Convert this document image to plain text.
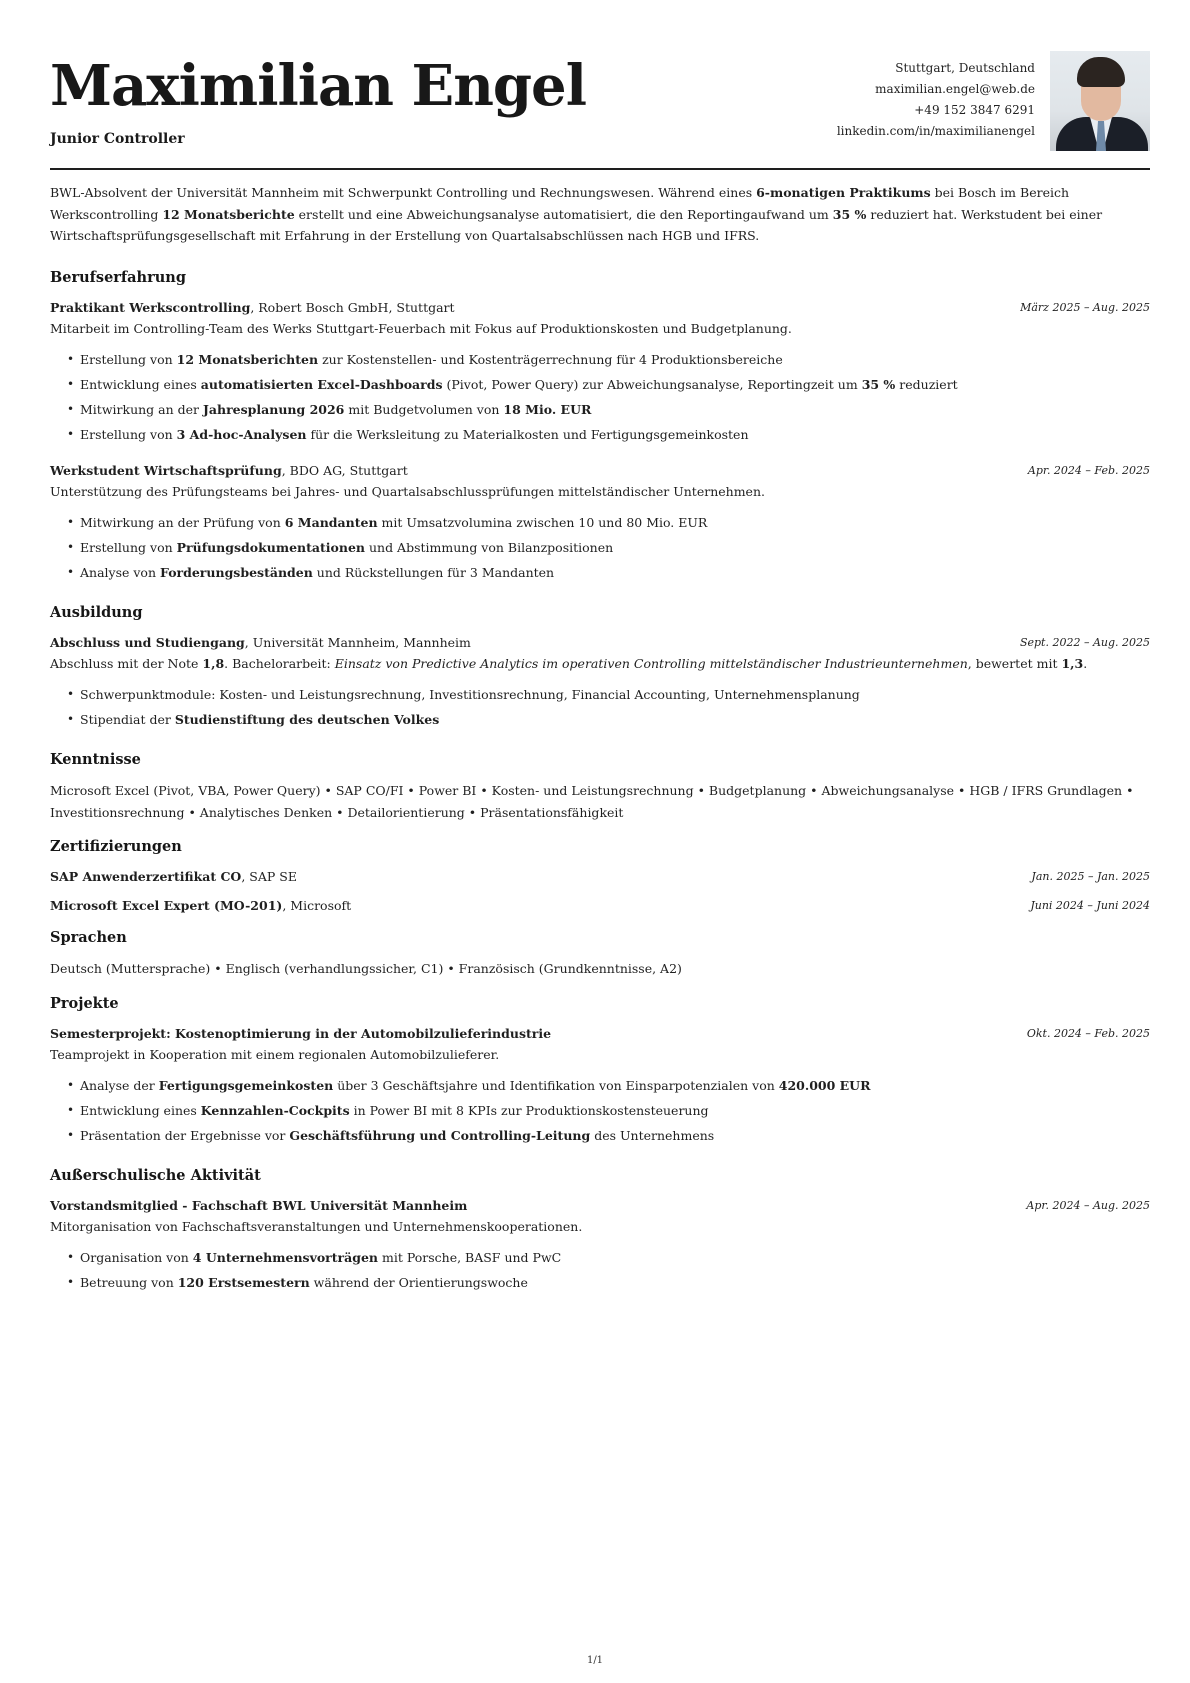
Maximilian Engel
Junior Controller
Stuttgart, Deutschland
maximilian.engel@web.de
+49 152 3847 6291
linkedin.com/in/maximilianengel
BWL-Absolvent der Universität Mannheim mit Schwerpunkt Controlling und Rechnungswesen. Während eines 6-monatigen Praktikums bei Bosch im Bereich Werkscontrolling 12 Monatsberichte erstellt und eine Abweichungsanalyse automatisiert, die den Reportingaufwand um 35 % reduziert hat. Werkstudent bei einer Wirtschaftsprüfungsgesellschaft mit Erfahrung in der Erstellung von Quartalsabschlüssen nach HGB und IFRS.
Berufserfahrung
Praktikant Werkscontrolling, Robert Bosch GmbH, Stuttgart	März 2025 – Aug. 2025
Mitarbeit im Controlling-Team des Werks Stuttgart-Feuerbach mit Fokus auf Produktionskosten und Budgetplanung.
• Erstellung von 12 Monatsberichten zur Kostenstellen- und Kostenträgerrechnung für 4 Produktionsbereiche
• Entwicklung eines automatisierten Excel-Dashboards (Pivot, Power Query) zur Abweichungsanalyse, Reportingzeit um 35 % reduziert
• Mitwirkung an der Jahresplanung 2026 mit Budgetvolumen von 18 Mio. EUR
• Erstellung von 3 Ad-hoc-Analysen für die Werksleitung zu Materialkosten und Fertigungsgemeinkosten
Werkstudent Wirtschaftsprüfung, BDO AG, Stuttgart	Apr. 2024 – Feb. 2025
Unterstützung des Prüfungsteams bei Jahres- und Quartalsabschlussprüfungen mittelständischer Unternehmen.
• Mitwirkung an der Prüfung von 6 Mandanten mit Umsatzvolumina zwischen 10 und 80 Mio. EUR
• Erstellung von Prüfungsdokumentationen und Abstimmung von Bilanzpositionen
• Analyse von Forderungsbeständen und Rückstellungen für 3 Mandanten
Ausbildung
Abschluss und Studiengang, Universität Mannheim, Mannheim	Sept. 2022 – Aug. 2025
Abschluss mit der Note 1,8. Bachelorarbeit: Einsatz von Predictive Analytics im operativen Controlling mittelständischer Industrieunternehmen, bewertet mit 1,3.
• Schwerpunktmodule: Kosten- und Leistungsrechnung, Investitionsrechnung, Financial Accounting, Unternehmensplanung
• Stipendiat der Studienstiftung des deutschen Volkes
Kenntnisse
Microsoft Excel (Pivot, VBA, Power Query) • SAP CO/FI • Power BI • Kosten- und Leistungsrechnung • Budgetplanung • Abweichungsanalyse • HGB / IFRS Grundlagen • Investitionsrechnung • Analytisches Denken • Detailorientierung • Präsentationsfähigkeit
Zertifizierungen
SAP Anwenderzertifikat CO, SAP SE	Jan. 2025 – Jan. 2025
Microsoft Excel Expert (MO-201), Microsoft	Juni 2024 – Juni 2024
Sprachen
Deutsch (Muttersprache) • Englisch (verhandlungssicher, C1) • Französisch (Grundkenntnisse, A2)
Projekte
Semesterprojekt: Kostenoptimierung in der Automobilzulieferindustrie	Okt. 2024 – Feb. 2025
Teamprojekt in Kooperation mit einem regionalen Automobilzulieferer.
• Analyse der Fertigungsgemeinkosten über 3 Geschäftsjahre und Identifikation von Einsparpotenzialen von 420.000 EUR
• Entwicklung eines Kennzahlen-Cockpits in Power BI mit 8 KPIs zur Produktionskostensteuerung
• Präsentation der Ergebnisse vor Geschäftsführung und Controlling-Leitung des Unternehmens
Außerschulische Aktivität
Vorstandsmitglied - Fachschaft BWL Universität Mannheim	Apr. 2024 – Aug. 2025
Mitorganisation von Fachschaftsveranstaltungen und Unternehmenskooperationen.
• Organisation von 4 Unternehmensvorträgen mit Porsche, BASF und PwC
• Betreuung von 120 Erstsemestern während der Orientierungswoche
1/1
